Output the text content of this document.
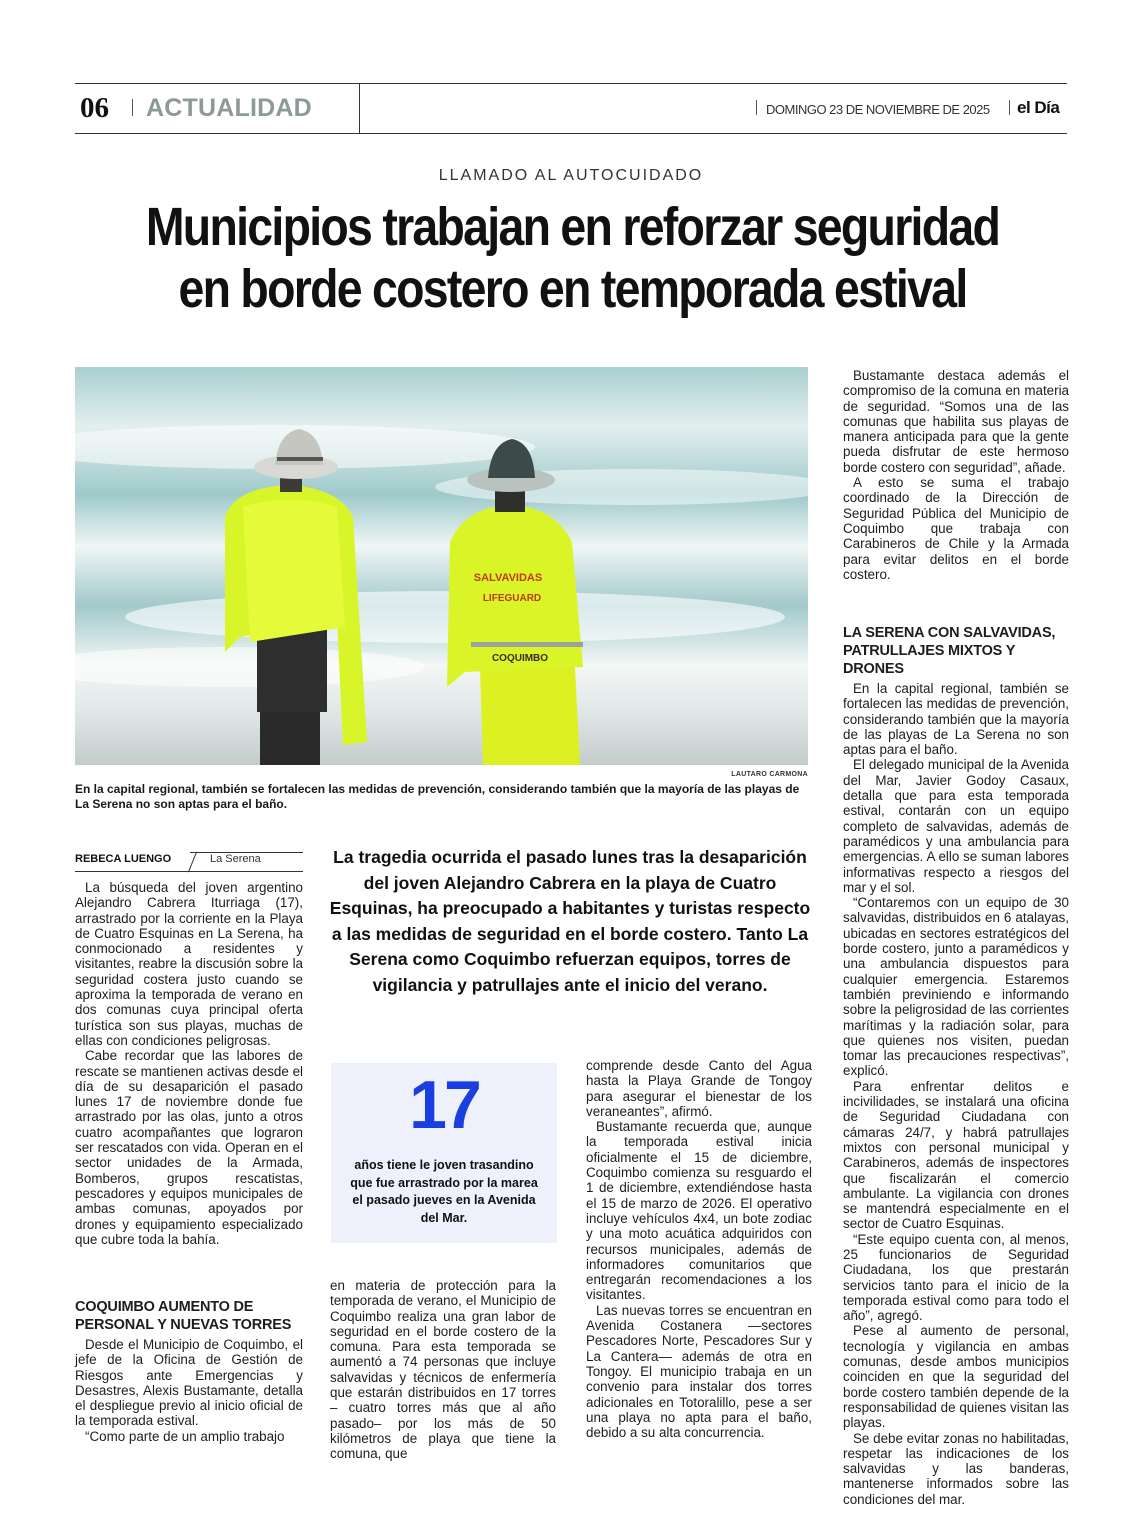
06 ACTUALIDAD	DOMINGO 23 DE NOVIEMBRE DE 2025 el Día
LLAMADO AL AUTOCUIDADO
Municipios trabajan en reforzar seguridad
en borde costero en temporada estival
SALVAVIDAS
LIFEGUARD
COQUIMBO
LAUTARO CARMONA
En la capital regional, también se fortalecen las medidas de prevención, considerando también que la mayoría de las playas de La Serena no son aptas para el baño.
REBECA LUENGO	La Serena

La búsqueda del joven argentino Alejandro Cabrera Iturriaga (17), arrastrado por la corriente en la Playa de Cuatro Esquinas en La Serena, ha conmocionado a residentes y visitantes, reabre la discusión sobre la seguridad costera justo cuando se aproxima la temporada de verano en dos comunas cuya principal oferta turística son sus playas, muchas de ellas con condiciones peligrosas.

Cabe recordar que las labores de rescate se mantienen activas desde el día de su desaparición el pasado lunes 17 de noviembre donde fue arrastrado por las olas, junto a otros cuatro acompañantes que lograron ser rescatados con vida. Operan en el sector unidades de la Armada, Bomberos, grupos rescatistas, pescadores y equipos municipales de ambas comunas, apoyados por drones y equipamiento especializado que cubre toda la bahía.

COQUIMBO AUMENTO DE PERSONAL Y NUEVAS TORRES

Desde el Municipio de Coquimbo, el jefe de la Oficina de Gestión de Riesgos ante Emergencias y Desastres, Alexis Bustamante, detalla el despliegue previo al inicio oficial de la temporada estival.

“Como parte de un amplio trabajo

La tragedia ocurrida el pasado lunes tras la desaparición del joven Alejandro Cabrera en la playa de Cuatro Esquinas, ha preocupado a habitantes y turistas respecto a las medidas de seguridad en el borde costero. Tanto La Serena como Coquimbo refuerzan equipos, torres de vigilancia y patrullajes ante el inicio del verano.
17
años tiene le joven trasandino que fue arrastrado por la marea el pasado jueves en la Avenida del Mar.

en materia de protección para la temporada de verano, el Municipio de Coquimbo realiza una gran labor de seguridad en el borde costero de la comuna. Para esta temporada se aumentó a 74 personas que incluye salvavidas y técnicos de enfermería que estarán distribuidos en 17 torres – cuatro torres más que al año pasado– por los más de 50 kilómetros de playa que tiene la comuna, que

comprende desde Canto del Agua hasta la Playa Grande de Tongoy para asegurar el bienestar de los veraneantes”, afirmó.

Bustamante recuerda que, aunque la temporada estival inicia oficialmente el 15 de diciembre, Coquimbo comienza su resguardo el 1 de diciembre, extendiéndose hasta el 15 de marzo de 2026. El operativo incluye vehículos 4x4, un bote zodiac y una moto acuática adquiridos con recursos municipales, además de informadores comunitarios que entregarán recomendaciones a los visitantes.

Las nuevas torres se encuentran en Avenida Costanera —sectores Pescadores Norte, Pescadores Sur y La Cantera— además de otra en Tongoy. El municipio trabaja en un convenio para instalar dos torres adicionales en Totoralillo, pese a ser una playa no apta para el baño, debido a su alta concurrencia.

Bustamante destaca además el compromiso de la comuna en materia de seguridad. “Somos una de las comunas que habilita sus playas de manera anticipada para que la gente pueda disfrutar de este hermoso borde costero con seguridad”, añade.

A esto se suma el trabajo coordinado de la Dirección de Seguridad Pública del Municipio de Coquimbo que trabaja con Carabineros de Chile y la Armada para evitar delitos en el borde costero.

LA SERENA CON SALVAVIDAS, PATRULLAJES MIXTOS Y DRONES

En la capital regional, también se fortalecen las medidas de prevención, considerando también que la mayoría de las playas de La Serena no son aptas para el baño.

El delegado municipal de la Avenida del Mar, Javier Godoy Casaux, detalla que para esta temporada estival, contarán con un equipo completo de salvavidas, además de paramédicos y una ambulancia para emergencias. A ello se suman labores informativas respecto a riesgos del mar y el sol.

“Contaremos con un equipo de 30 salvavidas, distribuidos en 6 atalayas, ubicadas en sectores estratégicos del borde costero, junto a paramédicos y una ambulancia dispuestos para cualquier emergencia. Estaremos también previniendo e informando sobre la peligrosidad de las corrientes marítimas y la radiación solar, para que quienes nos visiten, puedan tomar las precauciones respectivas”, explicó.

Para enfrentar delitos e incivilidades, se instalará una oficina de Seguridad Ciudadana con cámaras 24/7, y habrá patrullajes mixtos con personal municipal y Carabineros, además de inspectores que fiscalizarán el comercio ambulante. La vigilancia con drones se mantendrá especialmente en el sector de Cuatro Esquinas.

“Este equipo cuenta con, al menos, 25 funcionarios de Seguridad Ciudadana, los que prestarán servicios tanto para el inicio de la temporada estival como para todo el año”, agregó.

Pese al aumento de personal, tecnología y vigilancia en ambas comunas, desde ambos municipios coinciden en que la seguridad del borde costero también depende de la responsabilidad de quienes visitan las playas.

Se debe evitar zonas no habilitadas, respetar las indicaciones de los salvavidas y las banderas, mantenerse informados sobre las condiciones del mar.
